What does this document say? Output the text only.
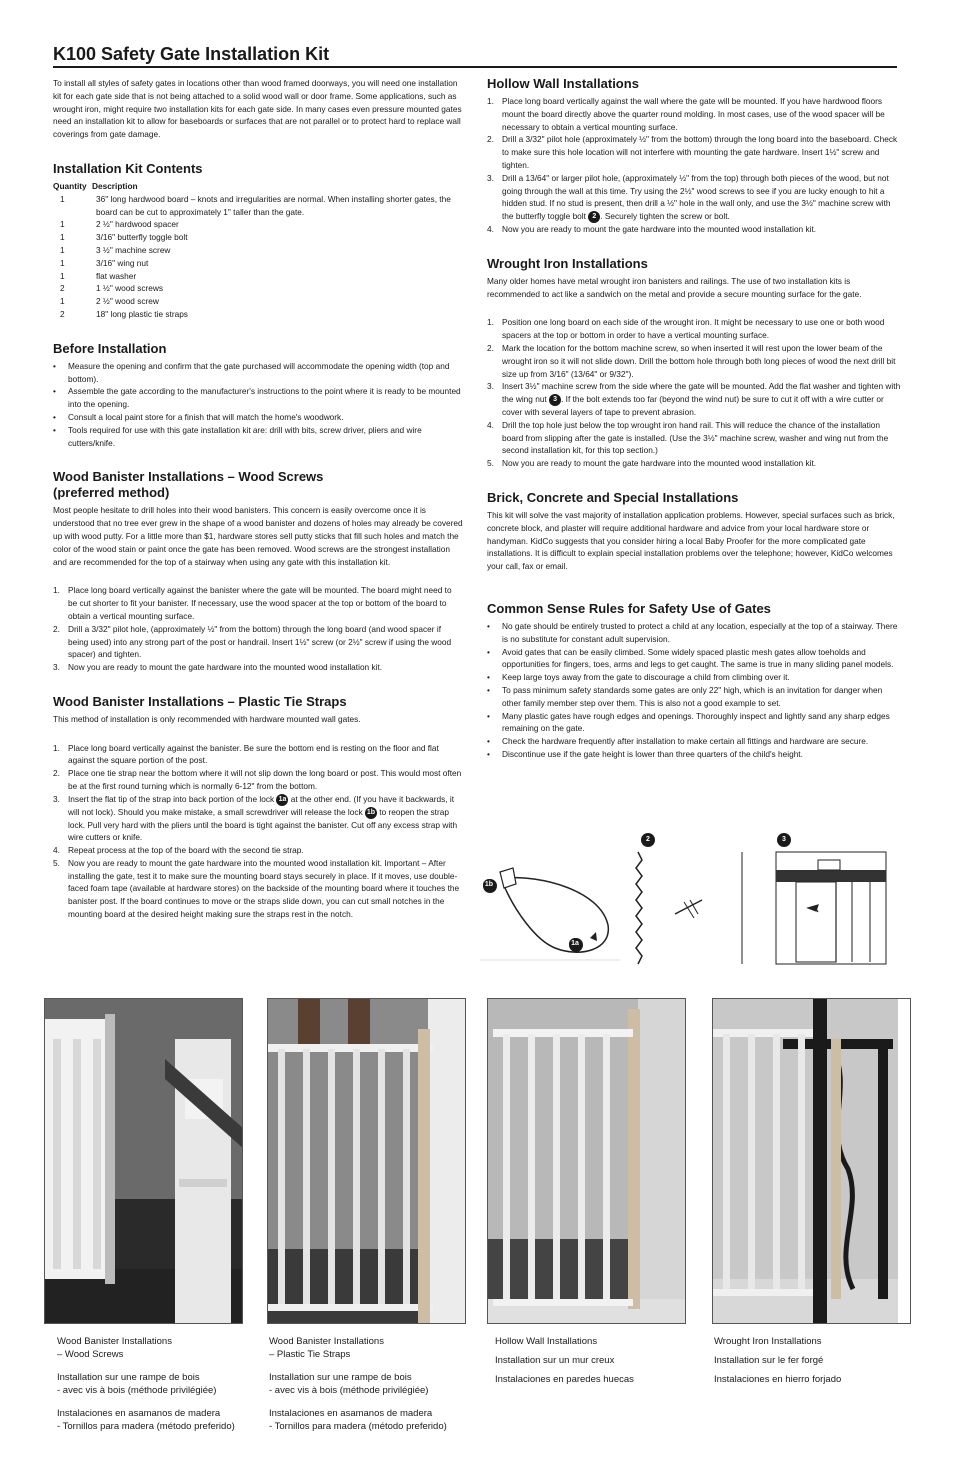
K100 Safety Gate Installation Kit

To install all styles of safety gates in locations other than wood framed doorways, you will need one installation kit for each gate side that is not being attached to a solid wood wall or door frame. Some applications, such as wrought iron, might require two installation kits for each gate side. In many cases even pressure mounted gates need an installation kit to allow for baseboards or surfaces that are not parallel or to protect hard to replace wall coverings from gate damage.

Installation Kit Contents
Quantity Description
1	36" long hardwood board – knots and irregularities are normal. When installing shorter gates, the board can be cut to approximately 1" taller than the gate.
1	2 ½" hardwood spacer
1	3/16" butterfly toggle bolt
1	3 ½" machine screw
1	3/16" wing nut
1	flat washer
2	1 ½" wood screws
1	2 ½" wood screw
2	18" long plastic tie straps
Before Installation
• Measure the opening and confirm that the gate purchased will accommodate the opening width (top and bottom).
• Assemble the gate according to the manufacturer's instructions to the point where it is ready to be mounted into the opening.
• Consult a local paint store for a finish that will match the home's woodwork.
• Tools required for use with this gate installation kit are: drill with bits, screw driver, pliers and wire cutters/knife.
Wood Banister Installations – Wood Screws (preferred method)

Most people hesitate to drill holes into their wood banisters. This concern is easily overcome once it is understood that no tree ever grew in the shape of a wood banister and dozens of holes may already be covered up with wood putty. For a little more than $1, hardware stores sell putty sticks that fill such holes and match the color of the wood stain or paint once the gate has been removed. Wood screws are the strongest installation and are recommended for the top of a stairway when using any gate with this installation kit.

1. Place long board vertically against the banister where the gate will be mounted. The board might need to be cut shorter to fit your banister. If necessary, use the wood spacer at the top or bottom of the board to obtain a vertical mounting surface.
2. Drill a 3/32" pilot hole, (approximately ½" from the bottom) through the long board (and wood spacer if being used) into any strong part of the post or handrail. Insert 1½" screw (or 2½" screw if using the wood spacer) and tighten.
3. Now you are ready to mount the gate hardware into the mounted wood installation kit.
Wood Banister Installations – Plastic Tie Straps

This method of installation is only recommended with hardware mounted wall gates.

1. Place long board vertically against the banister. Be sure the bottom end is resting on the floor and flat against the square portion of the post.
2. Place one tie strap near the bottom where it will not slip down the long board or post. This would most often be at the first round turning which is normally 6-12" from the bottom.
3. Insert the flat tip of the strap into back portion of the lock 1a at the other end. (If you have it backwards, it will not lock). Should you make mistake, a small screwdriver will release the lock 1b to reopen the strap lock. Pull very hard with the pliers until the board is tight against the banister. Cut off any excess strap with wire cutters or knife.
4. Repeat process at the top of the board with the second tie strap.
5. Now you are ready to mount the gate hardware into the mounted wood installation kit. Important – After installing the gate, test it to make sure the mounting board stays securely in place. If it moves, use double-faced foam tape (available at hardware stores) on the backside of the mounting board where it touches the banister post. If the board continues to move or the straps slide down, you can cut small notches in the mounting board at the desired height making sure the straps rest in the notch.
Hollow Wall Installations
1. Place long board vertically against the wall where the gate will be mounted. If you have hardwood floors mount the board directly above the quarter round molding. In most cases, use of the wood spacer will be necessary to obtain a vertical mounting surface.
2. Drill a 3/32" pilot hole (approximately ½" from the bottom) through the long board into the baseboard. Check to make sure this hole location will not interfere with mounting the gate hardware. Insert 1½" screw and tighten.
3. Drill a 13/64" or larger pilot hole, (approximately ½" from the top) through both pieces of the wood, but not going through the wall at this time. Try using the 2½" wood screws to see if you are lucky enough to hit a hidden stud. If no stud is present, then drill a ½" hole in the wall only, and use the 3½" machine screw with the butterfly toggle bolt 2 . Securely tighten the screw or bolt.
4. Now you are ready to mount the gate hardware into the mounted wood installation kit.
Wrought Iron Installations

Many older homes have metal wrought iron banisters and railings. The use of two installation kits is recommended to act like a sandwich on the metal and provide a secure mounting surface for the gate.

1. Position one long board on each side of the wrought iron. It might be necessary to use one or both wood spacers at the top or bottom in order to have a vertical mounting surface.
2. Mark the location for the bottom machine screw, so when inserted it will rest upon the lower beam of the wrought iron so it will not slide down. Drill the bottom hole through both long pieces of wood the next drill bit size up from 3/16" (13/64" or 9/32").
3. Insert 3½" machine screw from the side where the gate will be mounted. Add the flat washer and tighten with the wing nut 3 . If the bolt extends too far (beyond the wind nut) be sure to cut it off with a wire cutter or cover with several layers of tape to prevent abrasion.
4. Drill the top hole just below the top wrought iron hand rail. This will reduce the chance of the installation board from slipping after the gate is installed. (Use the 3½" machine screw, washer and wing nut from the second installation kit, for this top section.)
5. Now you are ready to mount the gate hardware into the mounted wood installation kit.
Brick, Concrete and Special Installations

This kit will solve the vast majority of installation application problems. However, special surfaces such as brick, concrete block, and plaster will require additional hardware and advice from your local hardware store or handyman. KidCo suggests that you consider hiring a local Baby Proofer for the more complicated gate installations. It is difficult to explain special installation problems over the telephone; however, KidCo welcomes your call, fax or email.

Common Sense Rules for Safety Use of Gates
• No gate should be entirely trusted to protect a child at any location, especially at the top of a stairway. There is no substitute for constant adult supervision.
• Avoid gates that can be easily climbed. Some widely spaced plastic mesh gates allow toeholds and opportunities for fingers, toes, arms and legs to get caught. The same is true in many sliding panel models.
• Keep large toys away from the gate to discourage a child from climbing over it.
• To pass minimum safety standards some gates are only 22" high, which is an invitation for danger when other family member step over them. This is also not a good example to set.
• Many plastic gates have rough edges and openings. Thoroughly inspect and lightly sand any sharp edges remaining on the gate.
• Check the hardware frequently after installation to make certain all fittings and hardware are secure.
• Discontinue use if the gate height is lower than three quarters of the child's height.
1b
1a
2	3

Wood Banister Installations
– Wood Screws

Installation sur une rampe de bois
- avec vis à bois (méthode privilégiée)

Instalaciones en asamanos de madera
- Tornillos para madera (método preferido)

Wood Banister Installations
– Plastic Tie Straps

Installation sur une rampe de bois
- avec vis à bois (méthode privilégiée)

Instalaciones en asamanos de madera
- Tornillos para madera (método preferido)

Hollow Wall Installations

Installation sur un mur creux

Instalaciones en paredes huecas

Wrought Iron Installations

Installation sur le fer forgé

Instalaciones en hierro forjado
